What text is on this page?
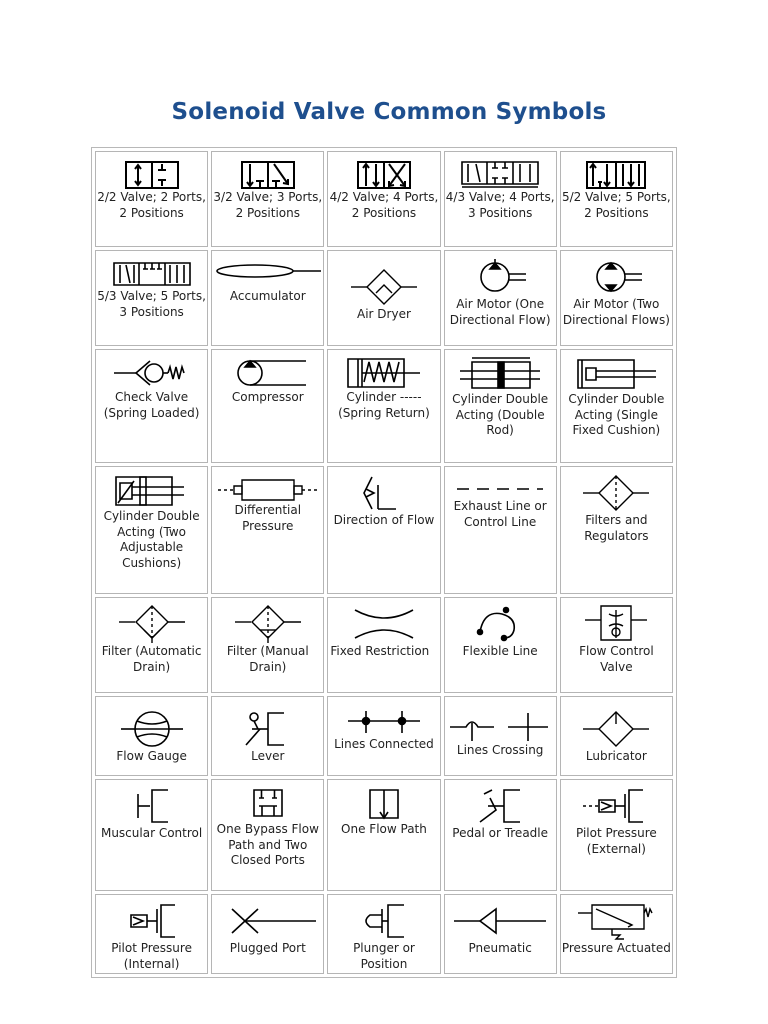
Solenoid Valve Common Symbols
2/2 Valve; 2 Ports, 2 Positions	3/2 Valve; 3 Ports, 2 Positions	4/2 Valve; 4 Ports, 2 Positions	4/3 Valve; 4 Ports, 3 Positions	5/2 Valve; 5 Ports, 2 Positions

5/3 Valve; 5 Ports, 3 Positions	Accumulator	Air Dryer	Air Motor (One Directional Flow)	Air Motor (Two Directional Flows)

Check Valve (Spring Loaded)	Compressor	Cylinder ----- (Spring Return)	Cylinder Double Acting (Double Rod)	Cylinder Double Acting (Single Fixed Cushion)

Cylinder Double Acting (Two Adjustable Cushions)	Differential Pressure	Direction of Flow	Exhaust Line or Control Line	Filters and Regulators

Filter (Automatic Drain)	Filter (Manual Drain)	Fixed Restriction	Flexible Line	Flow Control Valve

Flow Gauge	Lever	Lines Connected	Lines Crossing	Lubricator

Muscular Control	One Bypass Flow Path and Two Closed Ports	One Flow Path	Pedal or Treadle	Pilot Pressure (External)

Pilot Pressure (Internal)	Plugged Port	Plunger or Position	Pneumatic	Pressure Actuated
